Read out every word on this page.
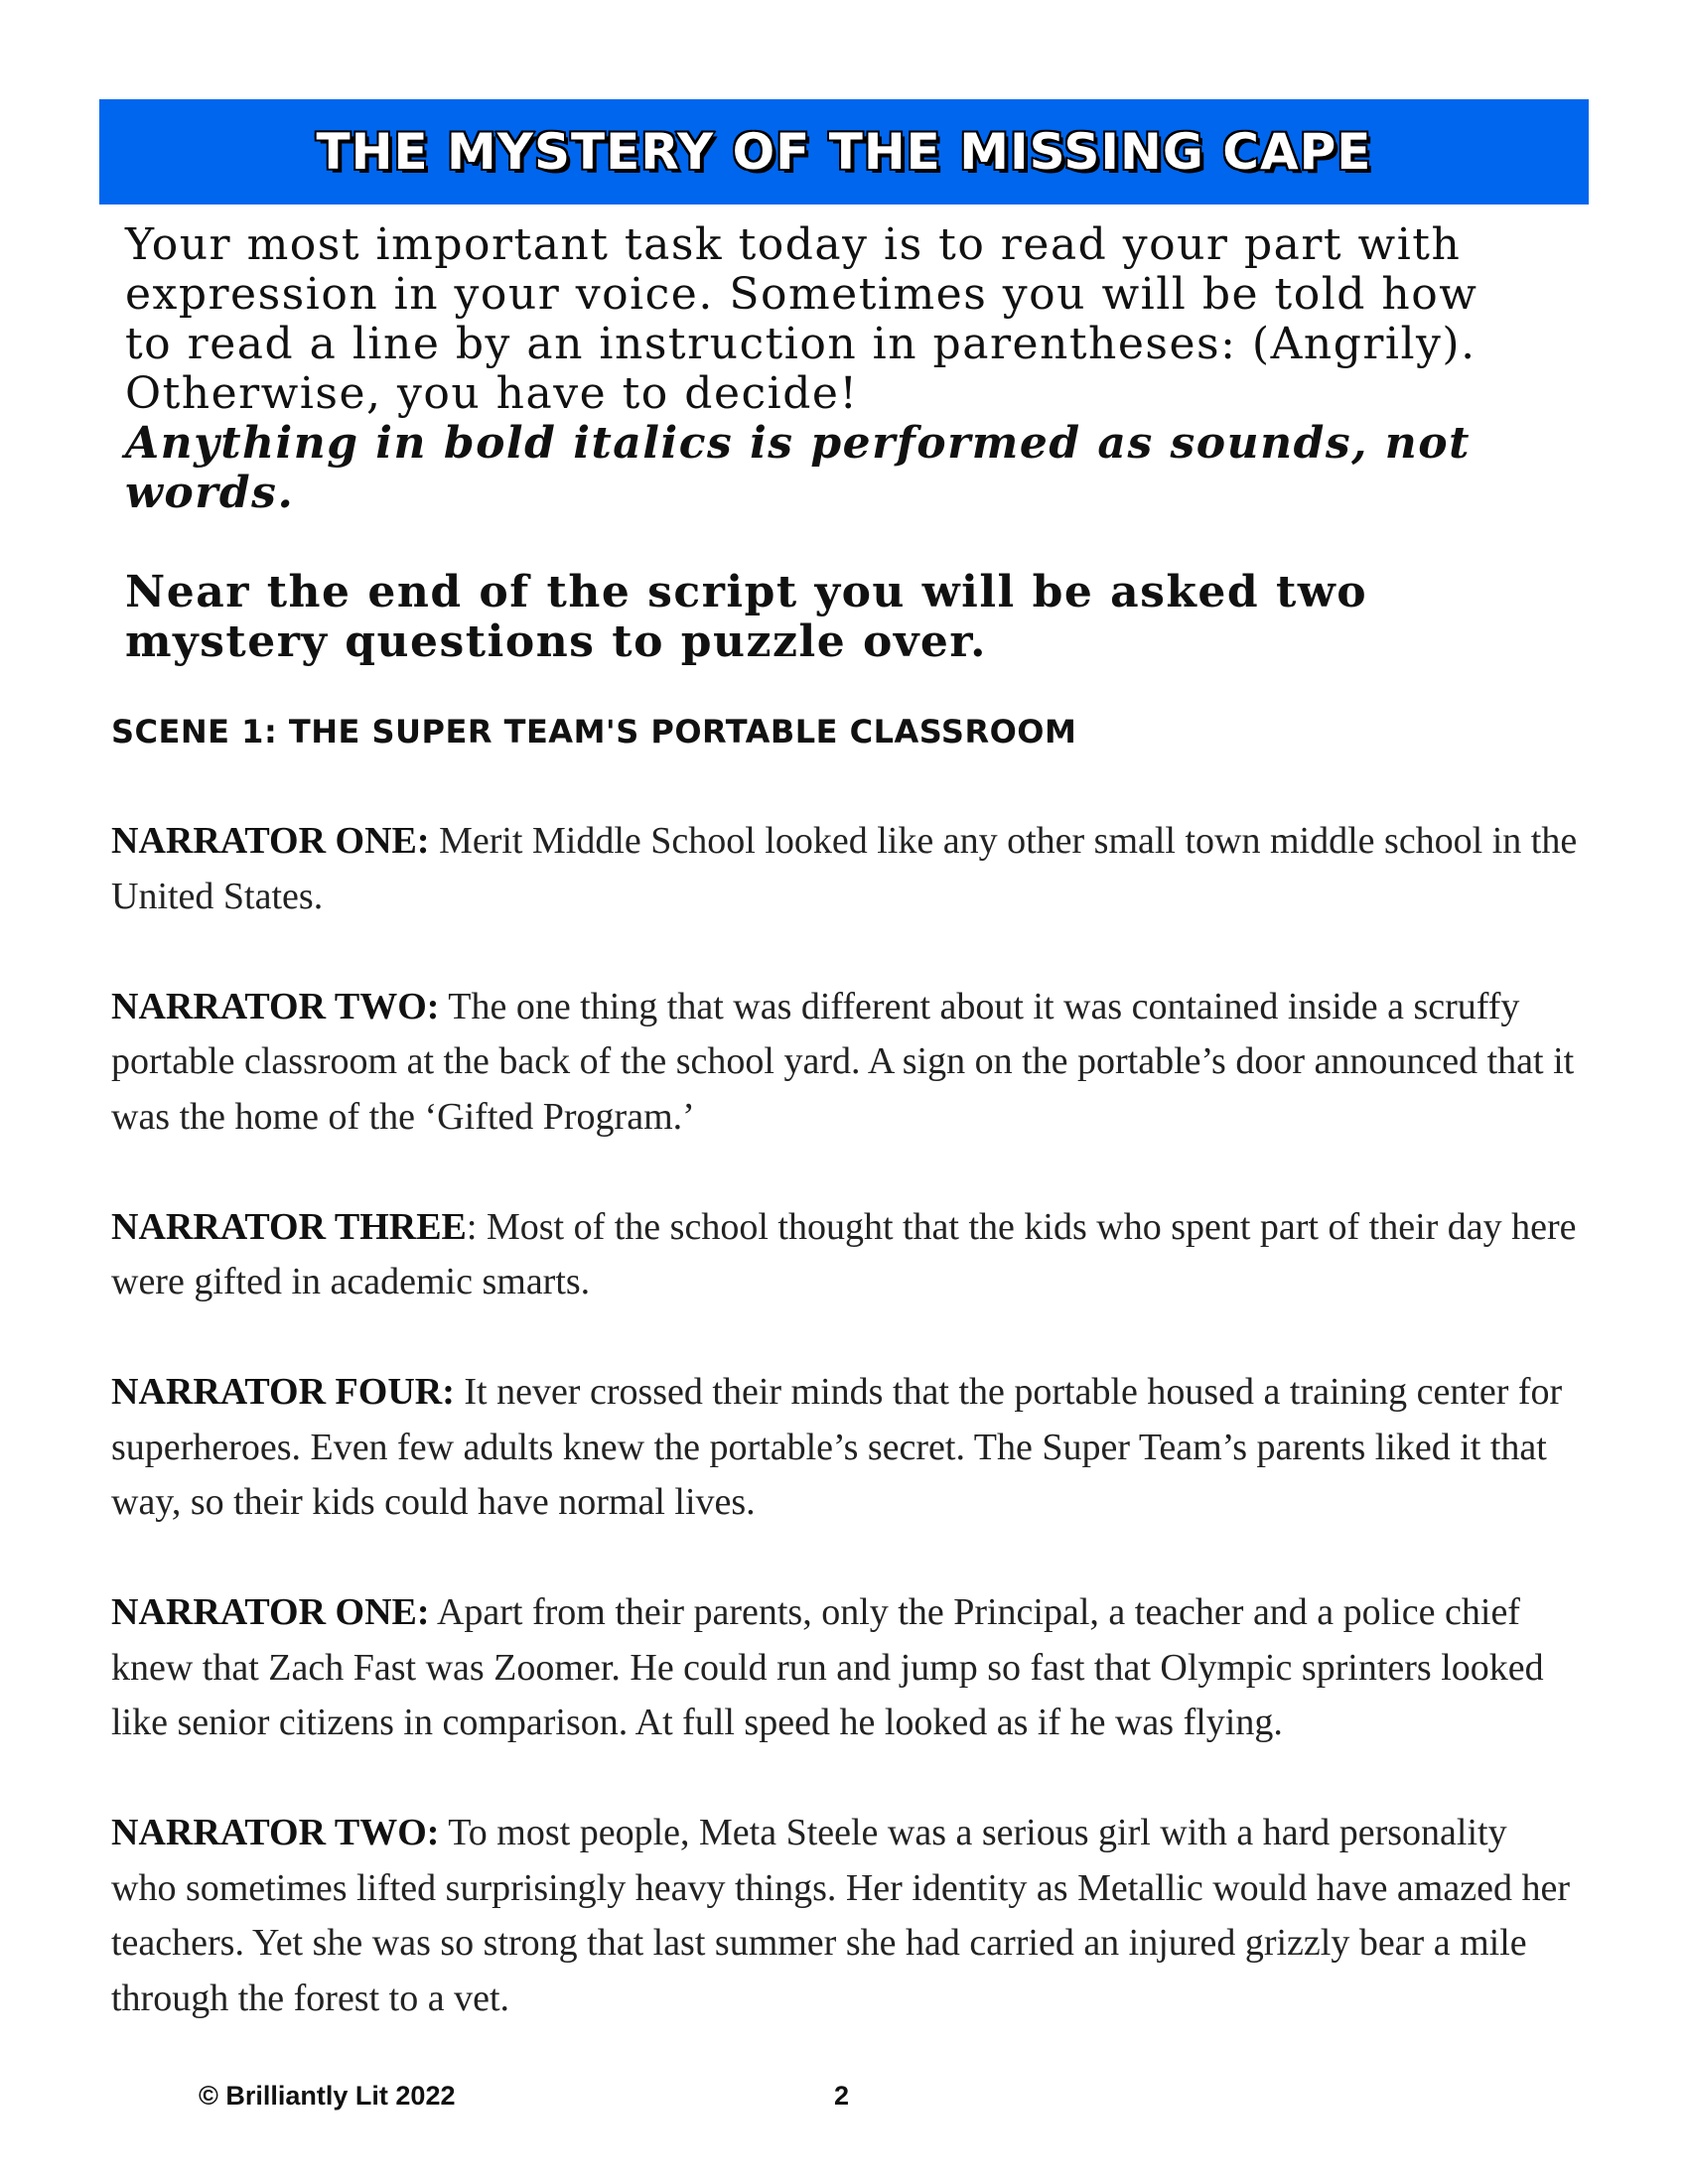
THE MYSTERY OF THE MISSING CAPE

Your most important task today is to read your part with expression in your voice. Sometimes you will be told how to read a line by an instruction in parentheses: (Angrily). Otherwise, you have to decide!

Anything in bold italics is performed as sounds, not words.

Near the end of the script you will be asked two mystery questions to puzzle over.

SCENE 1: THE SUPER TEAM'S PORTABLE CLASSROOM

NARRATOR ONE: Merit Middle School looked like any other small town middle school in the United States.

NARRATOR TWO: The one thing that was different about it was contained inside a scruffy portable classroom at the back of the school yard. A sign on the portable’s door announced that it was the home of the ‘Gifted Program.’

NARRATOR THREE: Most of the school thought that the kids who spent part of their day here were gifted in academic smarts.

NARRATOR FOUR: It never crossed their minds that the portable housed a training center for superheroes. Even few adults knew the portable’s secret. The Super Team’s parents liked it that way, so their kids could have normal lives.

NARRATOR ONE: Apart from their parents, only the Principal, a teacher and a police chief knew that Zach Fast was Zoomer. He could run and jump so fast that Olympic sprinters looked like senior citizens in comparison. At full speed he looked as if he was flying.

NARRATOR TWO: To most people, Meta Steele was a serious girl with a hard personality who sometimes lifted surprisingly heavy things. Her identity as Metallic would have amazed her teachers. Yet she was so strong that last summer she had carried an injured grizzly bear a mile through the forest to a vet.

© Brilliantly Lit 2022	2
